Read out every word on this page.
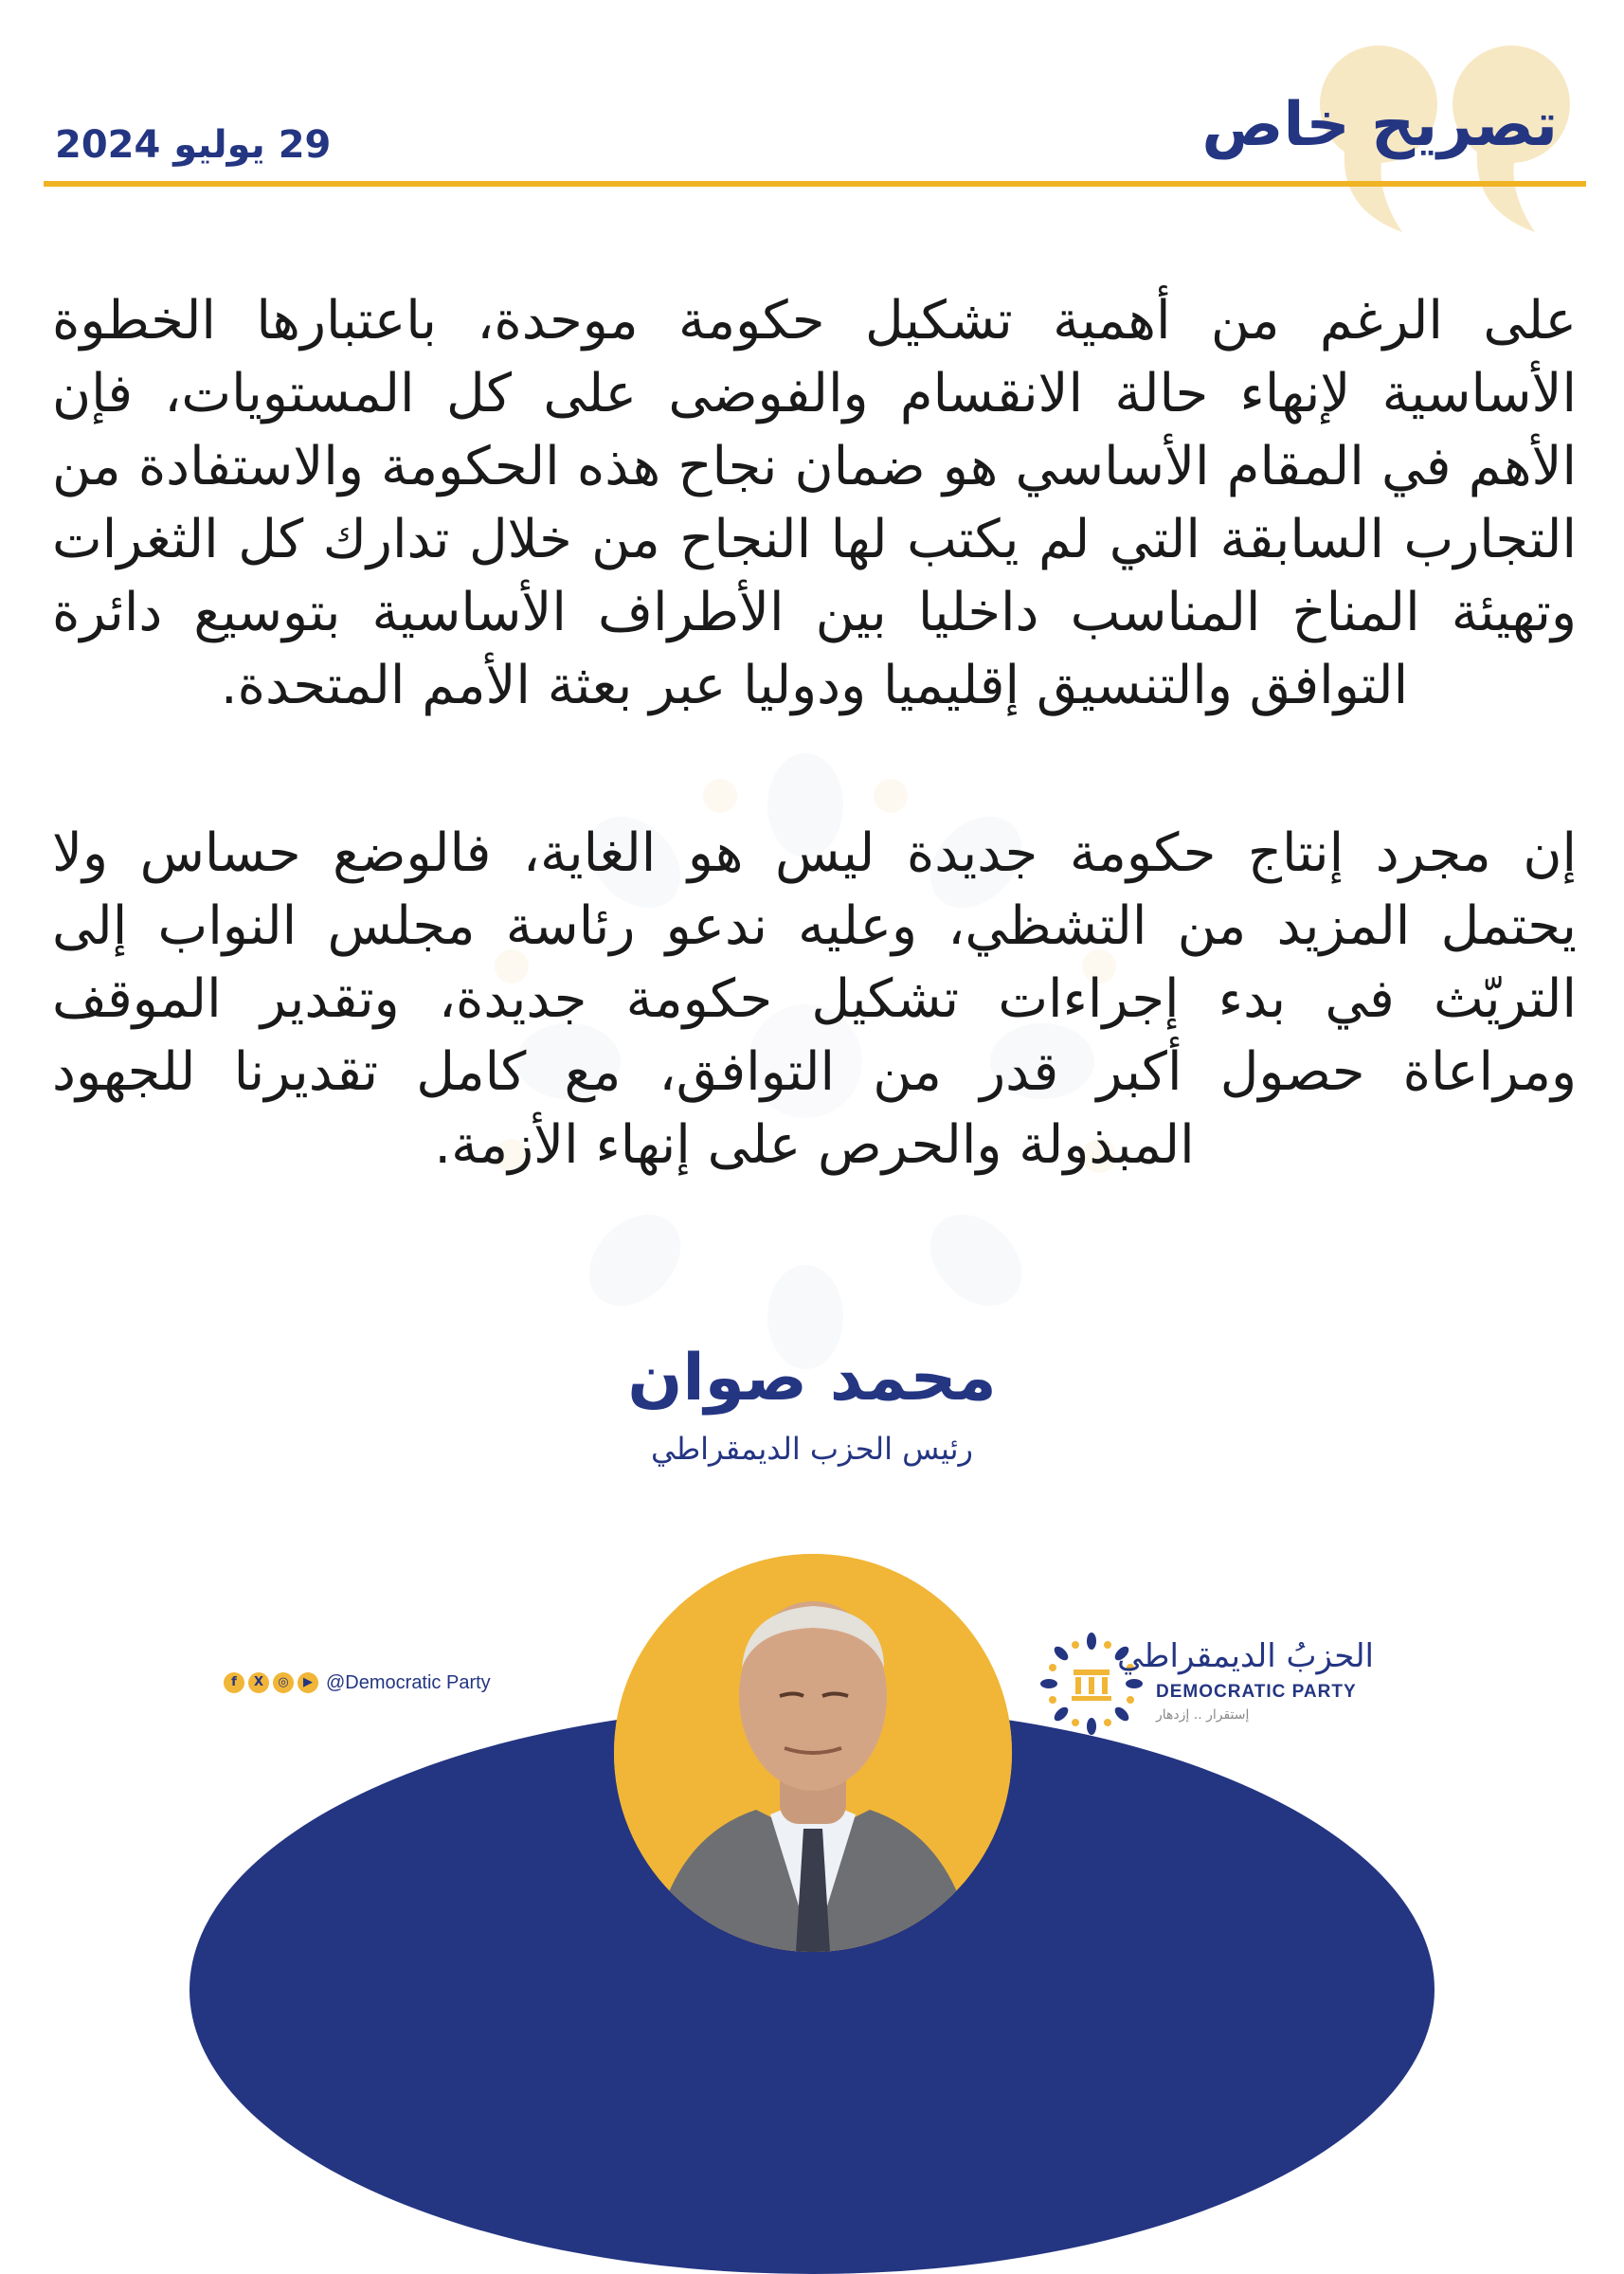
تصريح خاص
29 يوليو 2024

على الرغم من أهمية تشكيل حكومة موحدة، باعتبارها الخطوة الأساسية لإنهاء حالة الانقسام والفوضى على كل المستويات، فإن الأهم في المقام الأساسي هو ضمان نجاح هذه الحكومة والاستفادة من التجارب السابقة التي لم يكتب لها النجاح من خلال تدارك كل الثغرات وتهيئة المناخ المناسب داخليا بين الأطراف الأساسية بتوسيع دائرة التوافق والتنسيق إقليميا ودوليا عبر بعثة الأمم المتحدة.

إن مجرد إنتاج حكومة جديدة ليس هو الغاية، فالوضع حساس ولا يحتمل المزيد من التشظي، وعليه ندعو رئاسة مجلس النواب إلى التريّث في بدء إجراءات تشكيل حكومة جديدة، وتقدير الموقف ومراعاة حصول أكبر قدر من التوافق، مع كامل تقديرنا للجهود المبذولة والحرص على إنهاء الأزمة.

محمد صوان
رئيس الحزب الديمقراطي
f	X	◎	▶ @Democratic Party
الحزبُ الديمقراطي
DEMOCRATIC PARTY
إستقرار .. إزدهار
